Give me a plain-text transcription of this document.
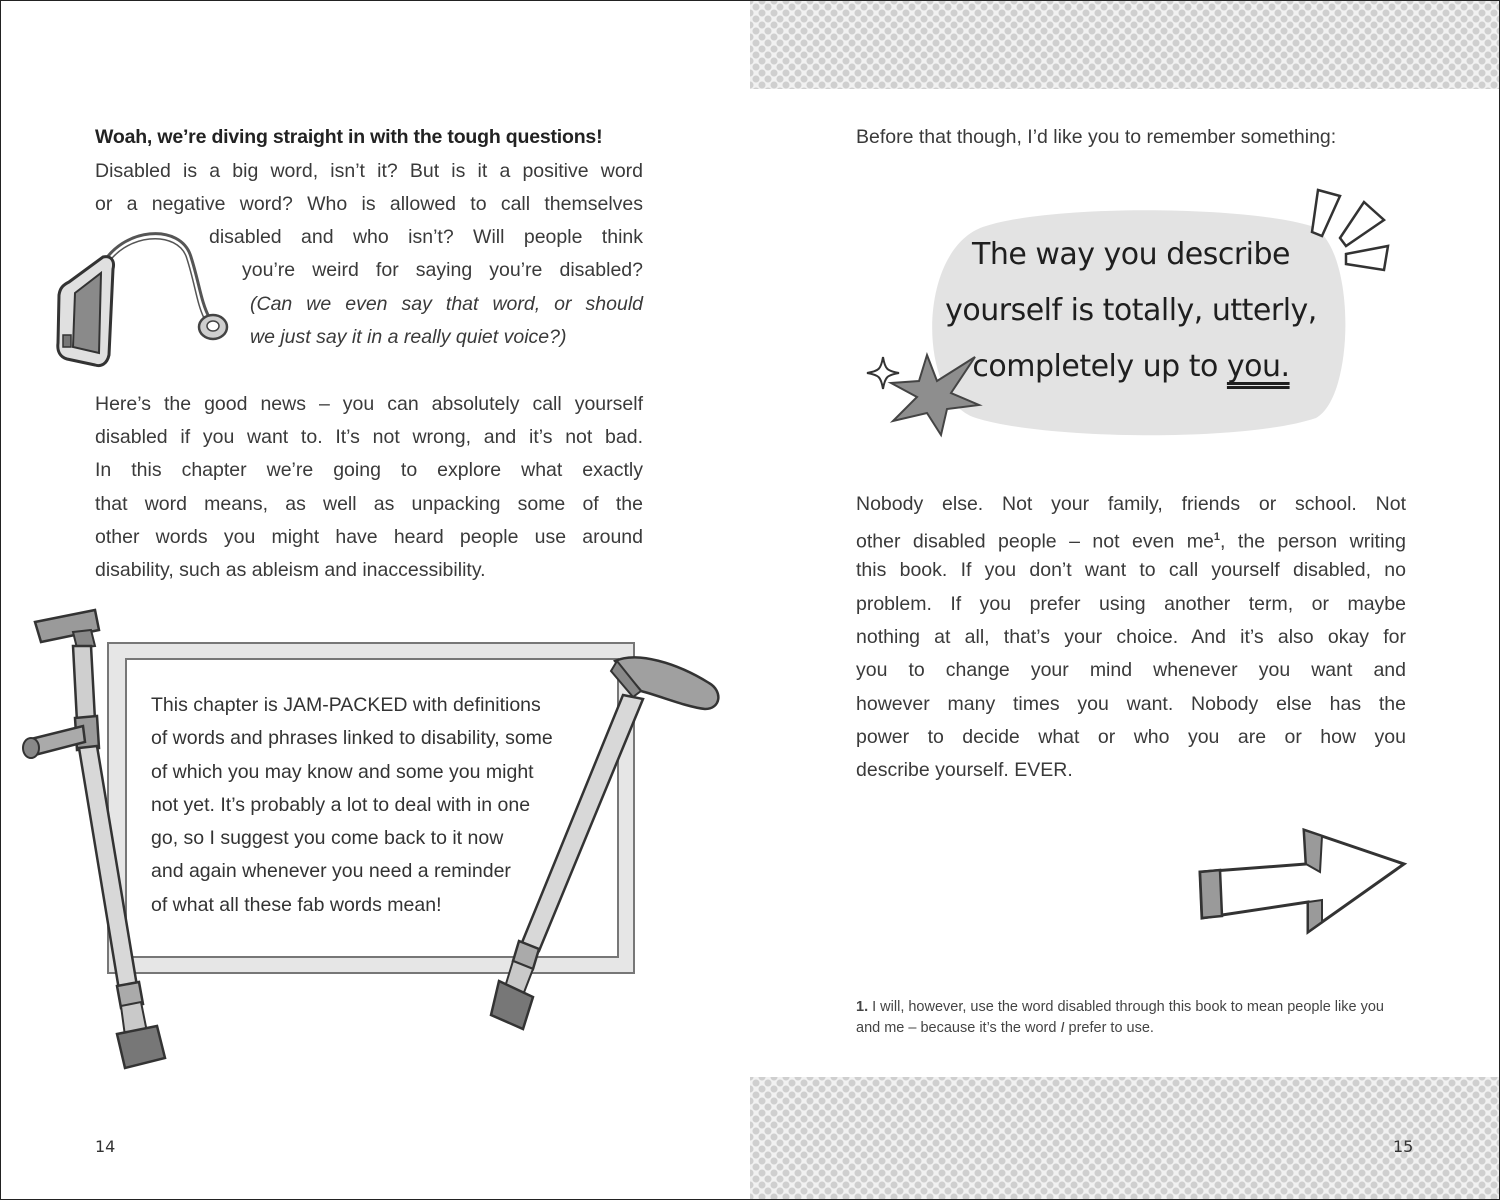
Woah, we’re diving straight in with the tough questions!
Disabled is a big word, isn’t it? But is it a positive word
or a negative word? Who is allowed to call themselves
disabled and who isn’t? Will people think
you’re weird for saying you’re disabled?
(Can we even say that word, or should
we just say it in a really quiet voice?)
Here’s the good news – you can absolutely call yourself
disabled if you want to. It’s not wrong, and it’s not bad.
In this chapter we’re going to explore what exactly
that word means, as well as unpacking some of the
other words you might have heard people use around
disability, such as ableism and inaccessibility.
This chapter is JAM-PACKED with definitions
of words and phrases linked to disability, some
of which you may know and some you might
not yet. It’s probably a lot to deal with in one
go, so I suggest you come back to it now
and again whenever you need a reminder
of what all these fab words mean!
14
Before that though, I’d like you to remember something:
The way you describe
yourself is totally, utterly,
completely up to you.
Nobody else. Not your family, friends or school. Not
other disabled people – not even $me^1$, the person writing
this book. If you don’t want to call yourself disabled, no
problem. If you prefer using another term, or maybe
nothing at all, that’s your choice. And it’s also okay for
you to change your mind whenever you want and
however many times you want. Nobody else has the
power to decide what or who you are or how you
describe yourself. EVER.
1. I will, however, use the word disabled through this book to mean people like you and me – because it’s the word I prefer to use.
15
